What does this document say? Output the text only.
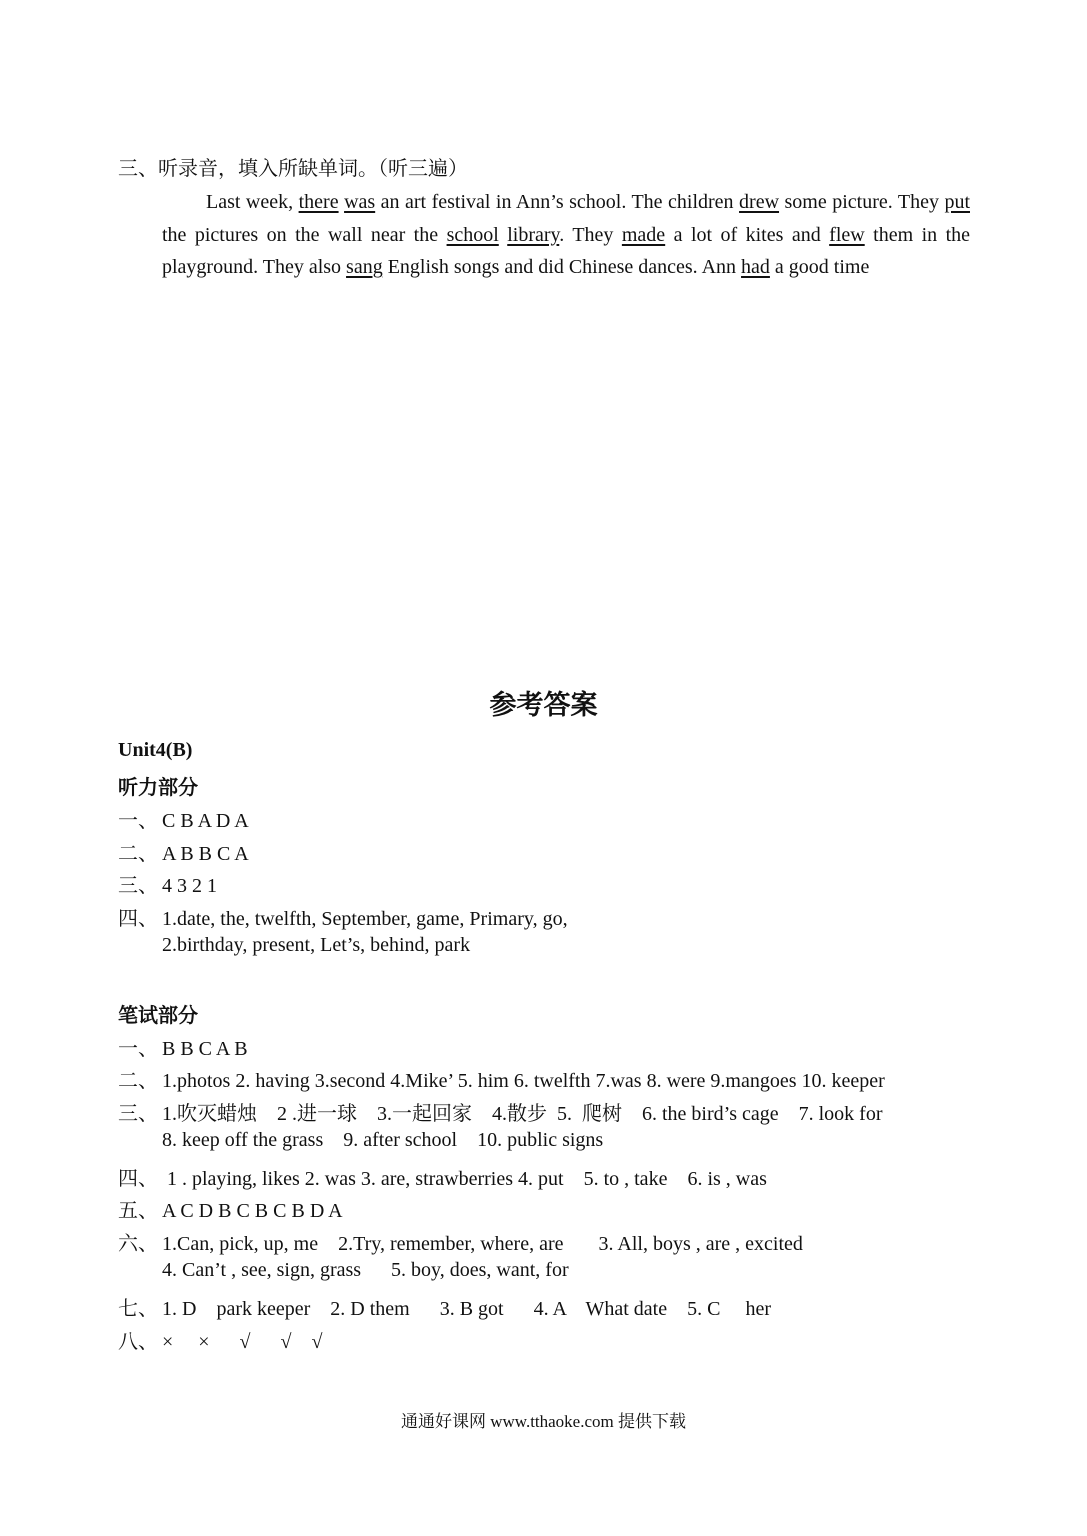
三、听录音，填入所缺单词。（听三遍）
Last week, there was an art festival in Ann’s school. The children drew some picture. They put the pictures on the wall near the school library. They made a lot of kites and flew them in the playground. They also sang English songs and did Chinese dances. Ann had a good time
参考答案
Unit4(B)
听力部分
一、 C B A D A
二、 A B B C A
三、 4 3 2 1
四、 1.date, the, twelfth, September, game, Primary, go,
2.birthday, present, Let’s, behind, park
笔试部分
一、 B B C A B
二、 1.photos 2. having 3.second 4.Mike’ 5. him 6. twelfth 7.was 8. were 9.mangoes 10. keeper
三、 1.吹灭蜡烛    2 .进一球    3.一起回家    4.散步  5.  爬树    6. the bird’s cage    7. look for
8. keep off the grass    9. after school    10. public signs
四、 1 . playing, likes 2. was 3. are, strawberries 4. put    5. to , take    6. is , was
五、 A C D B C B C B D A
六、 1.Can, pick, up, me    2.Try, remember, where, are       3. All, boys , are , excited
4. Can’t , see, sign, grass      5. boy, does, want, for
七、 1. D    park keeper    2. D them      3. B got      4. A    What date    5. C     her
八、 ×     ×      √      √    √
通通好课网 www.tthaoke.com 提供下载
